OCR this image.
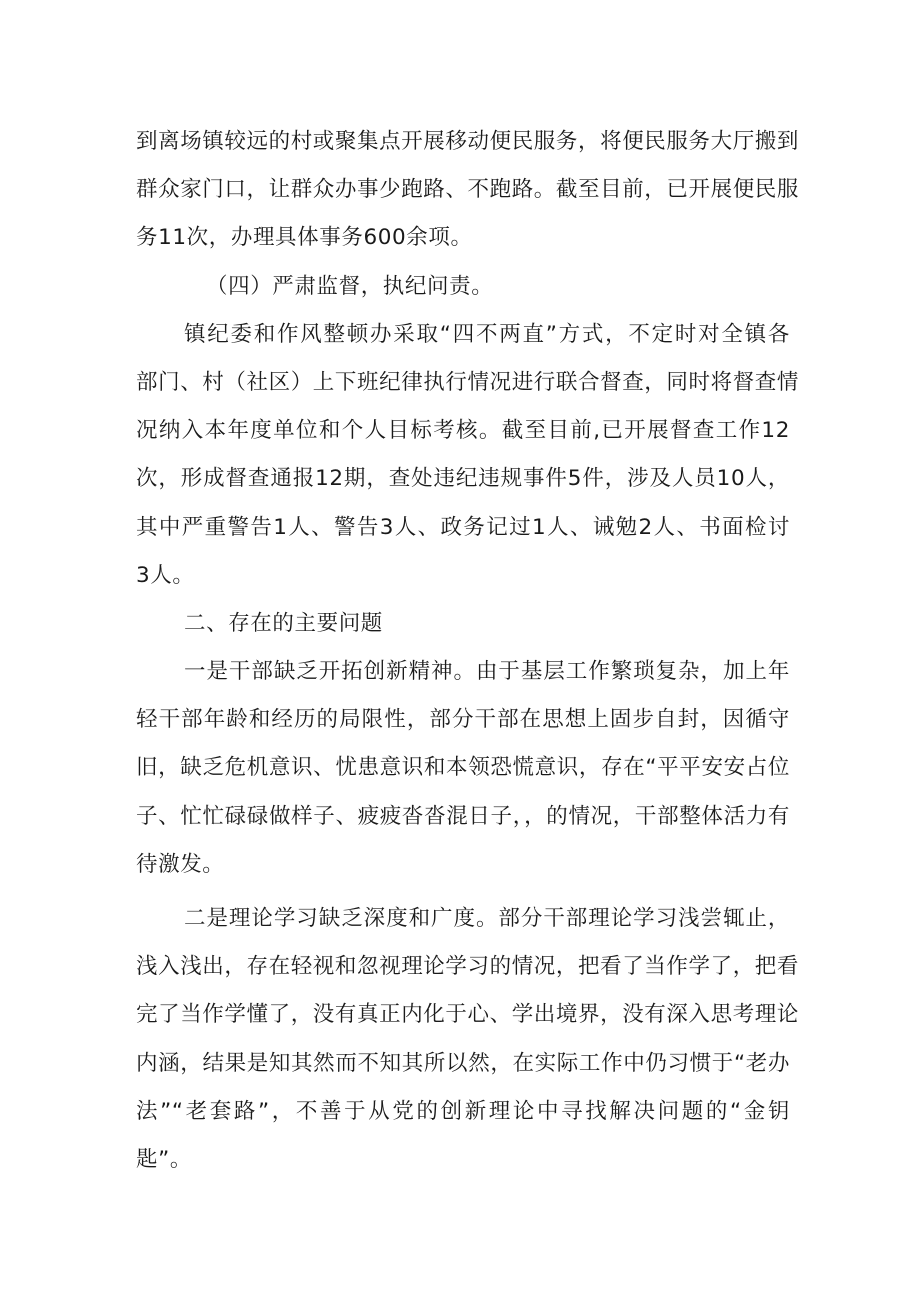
到离场镇较远的村或聚集点开展移动便民服务，将便民服务大厅搬到
群众家门口，让群众办事少跑路、不跑路。截至目前，已开展便民服
务11次，办理具体事务600余项。
（四）严肃监督，执纪问责。
镇纪委和作风整顿办采取“四不两直”方式，不定时对全镇各
部门、村（社区）上下班纪律执行情况进行联合督查，同时将督查情
况纳入本年度单位和个人目标考核。截至目前,已开展督查工作12
次，形成督查通报12期，查处违纪违规事件5件，涉及人员10人，
其中严重警告1人、警告3人、政务记过1人、诫勉2人、书面检讨
3人。
二、存在的主要问题
一是干部缺乏开拓创新精神。由于基层工作繁琐复杂，加上年
轻干部年龄和经历的局限性，部分干部在思想上固步自封，因循守
旧，缺乏危机意识、忧患意识和本领恐慌意识，存在“平平安安占位
子、忙忙碌碌做样子、疲疲沓沓混日子，，的情况，干部整体活力有
待激发。
二是理论学习缺乏深度和广度。部分干部理论学习浅尝辄止，
浅入浅出，存在轻视和忽视理论学习的情况，把看了当作学了，把看
完了当作学懂了，没有真正内化于心、学出境界，没有深入思考理论
内涵，结果是知其然而不知其所以然，在实际工作中仍习惯于“老办
法”“老套路”，不善于从党的创新理论中寻找解决问题的“金钥
匙”。
